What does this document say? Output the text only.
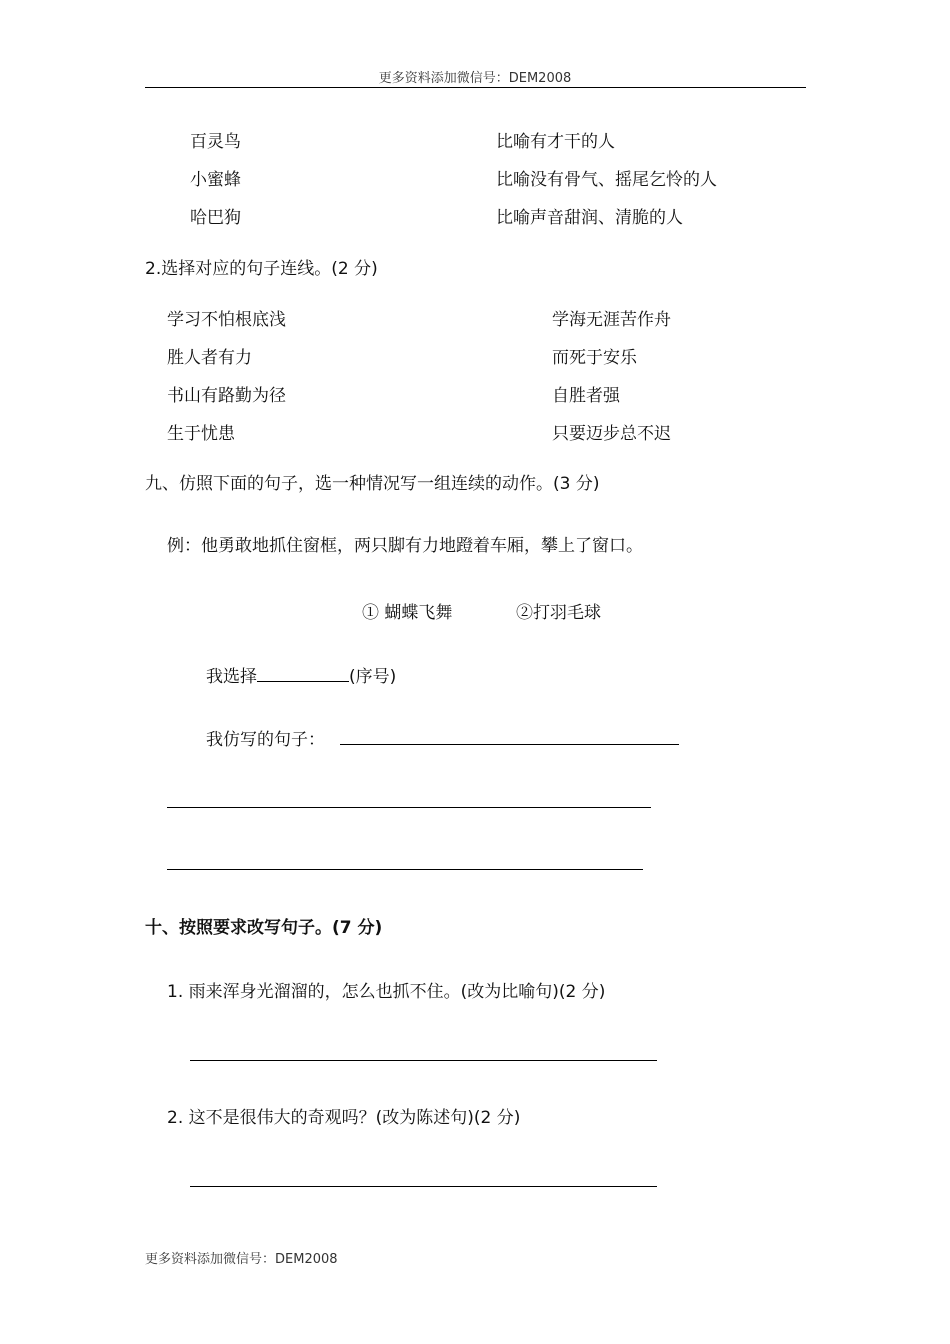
更多资料添加微信号：DEM2008
百灵鸟
小蜜蜂
哈巴狗
比喻有才干的人
比喻没有骨气、摇尾乞怜的人
比喻声音甜润、清脆的人
2.选择对应的句子连线。(2 分)
学习不怕根底浅
胜人者有力
书山有路勤为径
生于忧患
学海无涯苦作舟
而死于安乐
自胜者强
只要迈步总不迟
九、仿照下面的句子，选一种情况写一组连续的动作。(3 分)
例：他勇敢地抓住窗框，两只脚有力地蹬着车厢，攀上了窗口。
① 蝴蝶飞舞	②打羽毛球
我选择	(序号)
我仿写的句子：
十、按照要求改写句子。(7 分)
1. 雨来浑身光溜溜的，怎么也抓不住。(改为比喻句)(2 分)
2. 这不是很伟大的奇观吗？(改为陈述句)(2 分)
更多资料添加微信号：DEM2008
